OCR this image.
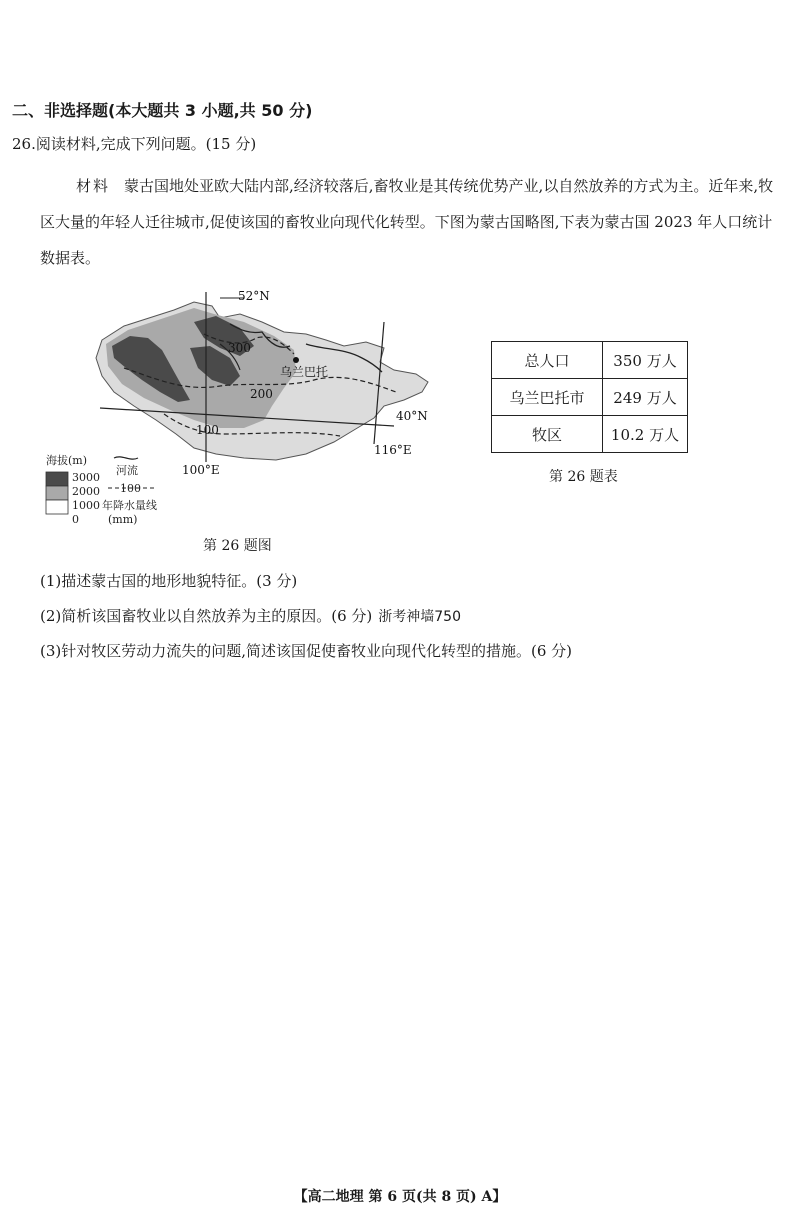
二、非选择题(本大题共 3 小题,共 50 分)
26.阅读材料,完成下列问题。(15 分)
材料 蒙古国地处亚欧大陆内部,经济较落后,畜牧业是其传统优势产业,以自然放养的方式为主。近年来,牧区大量的年轻人迁往城市,促使该国的畜牧业向现代化转型。下图为蒙古国略图,下表为蒙古国 2023 年人口统计数据表。
52°N
40°N
100°E
116°E
300
200
100
乌兰巴托
海拔(m)
3000
2000
1000
0
河流
100
年降水量线
(mm)
第 26 题图
总人口	350 万人
乌兰巴托市	249 万人
牧区	10.2 万人
第 26 题表
(1)描述蒙古国的地形地貌特征。(3 分)
(2)简析该国畜牧业以自然放养为主的原因。(6 分) 浙考神墙750
(3)针对牧区劳动力流失的问题,简述该国促使畜牧业向现代化转型的措施。(6 分)
【高二地理 第 6 页(共 8 页) A】
